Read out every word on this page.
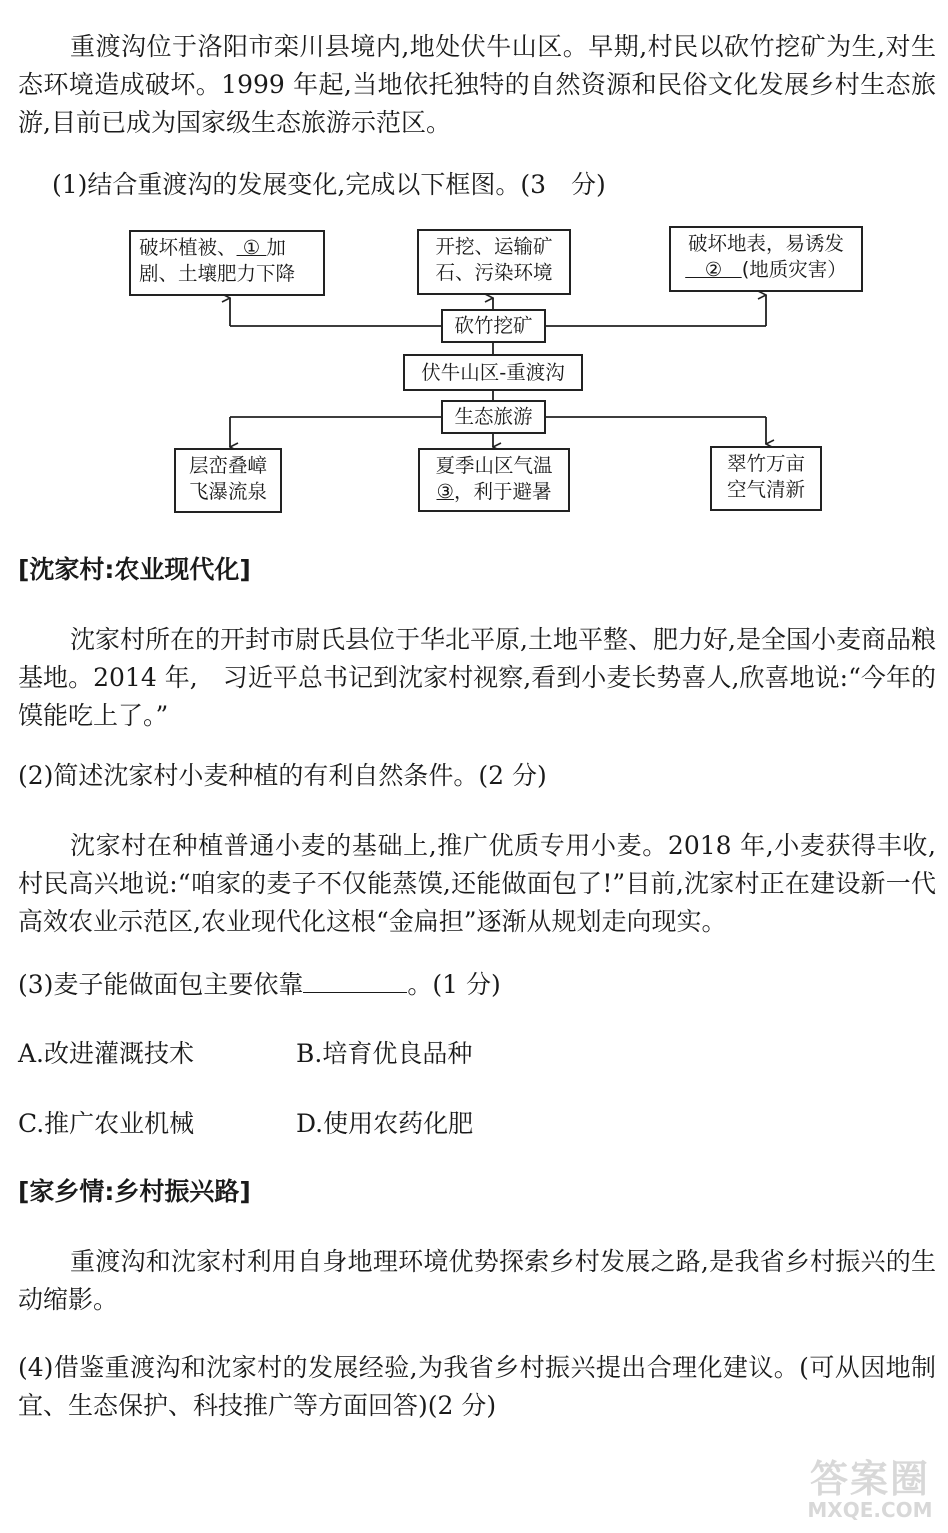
重渡沟位于洛阳市栾川县境内,地处伏牛山区。早期,村民以砍竹挖矿为生,对生态环境造成破坏。1999 年起,当地依托独特的自然资源和民俗文化发展乡村生态旅游,目前已成为国家级生态旅游示范区。

(1)结合重渡沟的发展变化,完成以下框图。(3　分)

破坏植被、 ① 加
剧、土壤肥力下降
开挖、运输矿
石、污染环境
破坏地表，易诱发
　②　(地质灾害）
砍竹挖矿
伏牛山区-重渡沟
生态旅游
层峦叠嶂
飞瀑流泉
夏季山区气温
③，利于避暑
翠竹万亩
空气清新

[沈家村:农业现代化]

沈家村所在的开封市尉氏县位于华北平原,土地平整、肥力好,是全国小麦商品粮基地。2014 年,　习近平总书记到沈家村视察,看到小麦长势喜人,欣喜地说:“今年的馍能吃上了。”

(2)简述沈家村小麦种植的有利自然条件。(2 分)

沈家村在种植普通小麦的基础上,推广优质专用小麦。2018 年,小麦获得丰收,村民高兴地说:“咱家的麦子不仅能蒸馍,还能做面包了!”目前,沈家村正在建设新一代高效农业示范区,农业现代化这根“金扁担”逐渐从规划走向现实。

(3)麦子能做面包主要依靠	。(1 分)

A.改进灌溉技术	B.培育优良品种

C.推广农业机械	D.使用农药化肥

[家乡情:乡村振兴路]

重渡沟和沈家村利用自身地理环境优势探索乡村发展之路,是我省乡村振兴的生动缩影。

(4)借鉴重渡沟和沈家村的发展经验,为我省乡村振兴提出合理化建议。(可从因地制宜、生态保护、科技推广等方面回答)(2 分)

答案圈
MXQE.COM
